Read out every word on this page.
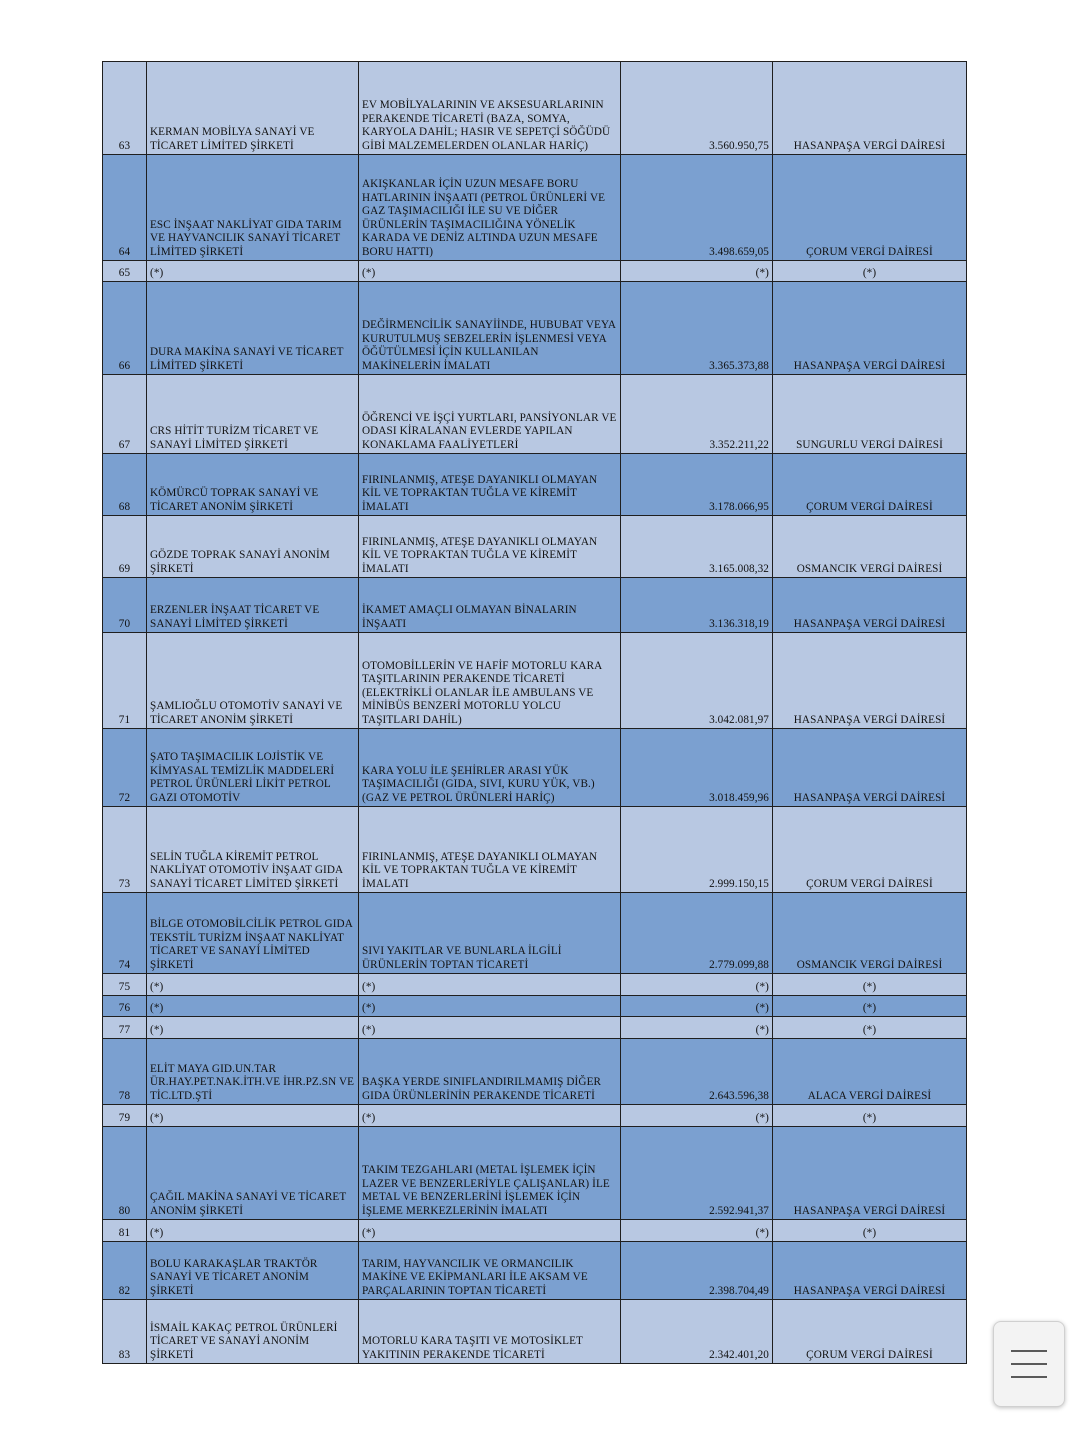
63	KERMAN MOBİLYA SANAYİ VE TİCARET LİMİTED ŞİRKETİ	EV MOBİLYALARININ VE AKSESUARLARININ PERAKENDE TİCARETİ (BAZA, SOMYA, KARYOLA DAHİL; HASIR VE SEPETÇİ SÖĞÜDÜ GİBİ MALZEMELERDEN OLANLAR HARİÇ)	3.560.950,75	HASANPAŞA VERGİ DAİRESİ
64	ESC İNŞAAT NAKLİYAT GIDA TARIM VE HAYVANCILIK SANAYİ TİCARET LİMİTED ŞİRKETİ	AKIŞKANLAR İÇİN UZUN MESAFE BORU HATLARININ İNŞAATI (PETROL ÜRÜNLERİ VE GAZ TAŞIMACILIĞI İLE SU VE DİĞER ÜRÜNLERİN TAŞIMACILIĞINA YÖNELİK KARADA VE DENİZ ALTINDA UZUN MESAFE BORU HATTI)	3.498.659,05	ÇORUM VERGİ DAİRESİ
65	(*)	(*)	(*)	(*)
66	DURA MAKİNA SANAYİ VE TİCARET LİMİTED ŞİRKETİ	DEĞİRMENCİLİK SANAYİİNDE, HUBUBAT VEYA KURUTULMUŞ SEBZELERİN İŞLENMESİ VEYA ÖĞÜTÜLMESİ İÇİN KULLANILAN MAKİNELERİN İMALATI	3.365.373,88	HASANPAŞA VERGİ DAİRESİ
67	CRS HİTİT TURİZM TİCARET VE SANAYİ LİMİTED ŞİRKETİ	ÖĞRENCİ VE İŞÇİ YURTLARI, PANSİYONLAR VE ODASI KİRALANAN EVLERDE YAPILAN KONAKLAMA FAALİYETLERİ	3.352.211,22	SUNGURLU VERGİ DAİRESİ
68	KÖMÜRCÜ TOPRAK SANAYİ VE TİCARET ANONİM ŞİRKETİ	FIRINLANMIŞ, ATEŞE DAYANIKLI OLMAYAN KİL VE TOPRAKTAN TUĞLA VE KİREMİT İMALATI	3.178.066,95	ÇORUM VERGİ DAİRESİ
69	GÖZDE TOPRAK SANAYİ ANONİM ŞİRKETİ	FIRINLANMIŞ, ATEŞE DAYANIKLI OLMAYAN KİL VE TOPRAKTAN TUĞLA VE KİREMİT İMALATI	3.165.008,32	OSMANCIK VERGİ DAİRESİ
70	ERZENLER İNŞAAT TİCARET VE SANAYİ LİMİTED ŞİRKETİ	İKAMET AMAÇLI OLMAYAN BİNALARIN İNŞAATI	3.136.318,19	HASANPAŞA VERGİ DAİRESİ
71	ŞAMLIOĞLU OTOMOTİV SANAYİ VE TİCARET ANONİM ŞİRKETİ	OTOMOBİLLERİN VE HAFİF MOTORLU KARA TAŞITLARININ PERAKENDE TİCARETİ (ELEKTRİKLİ OLANLAR İLE AMBULANS VE MİNİBÜS BENZERİ MOTORLU YOLCU TAŞITLARI DAHİL)	3.042.081,97	HASANPAŞA VERGİ DAİRESİ
72	ŞATO TAŞIMACILIK LOJİSTİK VE KİMYASAL TEMİZLİK MADDELERİ PETROL ÜRÜNLERİ LİKİT PETROL GAZI OTOMOTİV	KARA YOLU İLE ŞEHİRLER ARASI YÜK TAŞIMACILIĞI (GIDA, SIVI, KURU YÜK, VB.) (GAZ VE PETROL ÜRÜNLERİ HARİÇ)	3.018.459,96	HASANPAŞA VERGİ DAİRESİ
73	SELİN TUĞLA KİREMİT PETROL NAKLİYAT OTOMOTİV İNŞAAT GIDA SANAYİ TİCARET LİMİTED ŞİRKETİ	FIRINLANMIŞ, ATEŞE DAYANIKLI OLMAYAN KİL VE TOPRAKTAN TUĞLA VE KİREMİT İMALATI	2.999.150,15	ÇORUM VERGİ DAİRESİ
74	BİLGE OTOMOBİLCİLİK PETROL GIDA TEKSTİL TURİZM İNŞAAT NAKLİYAT TİCARET VE SANAYİ LİMİTED ŞİRKETİ	SIVI YAKITLAR VE BUNLARLA İLGİLİ ÜRÜNLERİN TOPTAN TİCARETİ	2.779.099,88	OSMANCIK VERGİ DAİRESİ
75	(*)	(*)	(*)	(*)
76	(*)	(*)	(*)	(*)
77	(*)	(*)	(*)	(*)
78	ELİT MAYA GID.UN.TAR ÜR.HAY.PET.NAK.İTH.VE İHR.PZ.SN VE TİC.LTD.ŞTİ	BAŞKA YERDE SINIFLANDIRILMAMIŞ DİĞER GIDA ÜRÜNLERİNİN PERAKENDE TİCARETİ	2.643.596,38	ALACA VERGİ DAİRESİ
79	(*)	(*)	(*)	(*)
80	ÇAĞIL MAKİNA SANAYİ VE TİCARET ANONİM ŞİRKETİ	TAKIM TEZGAHLARI (METAL İŞLEMEK İÇİN LAZER VE BENZERLERİYLE ÇALIŞANLAR) İLE METAL VE BENZERLERİNİ İŞLEMEK İÇİN İŞLEME MERKEZLERİNİN İMALATI	2.592.941,37	HASANPAŞA VERGİ DAİRESİ
81	(*)	(*)	(*)	(*)
82	BOLU KARAKAŞLAR TRAKTÖR SANAYİ VE TİCARET ANONİM ŞİRKETİ	TARIM, HAYVANCILIK VE ORMANCILIK MAKİNE VE EKİPMANLARI İLE AKSAM VE PARÇALARININ TOPTAN TİCARETİ	2.398.704,49	HASANPAŞA VERGİ DAİRESİ
83	İSMAİL KAKAÇ PETROL ÜRÜNLERİ TİCARET VE SANAYİ ANONİM ŞİRKETİ	MOTORLU KARA TAŞITI VE MOTOSİKLET YAKITININ PERAKENDE TİCARETİ	2.342.401,20	ÇORUM VERGİ DAİRESİ
